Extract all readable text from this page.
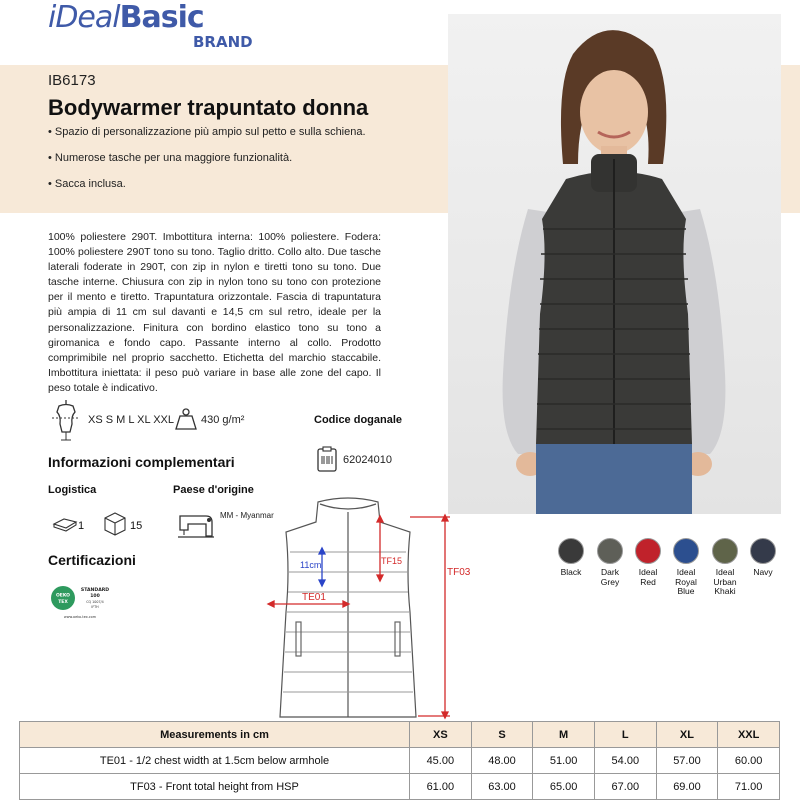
iDealBasic
BRAND
IB6173
Bodywarmer trapuntato donna
• Spazio di personalizzazione più ampio sul petto e sulla schiena.
• Numerose tasche per una maggiore funzionalità.
• Sacca inclusa.
100% poliestere 290T. Imbottitura interna: 100% poliestere. Fodera: 100% poliestere 290T tono su tono. Taglio dritto. Collo alto. Due tasche laterali foderate in 290T, con zip in nylon e tiretti tono su tono. Due tasche interne. Chiusura con zip in nylon tono su tono con protezione per il mento e tiretto. Trapuntatura orizzontale. Fascia di trapuntatura più ampia di 11 cm sul davanti e 14,5 cm sul retro, ideale per la personalizzazione. Finitura con bordino elastico tono su tono a giromanica e fondo capo. Passante interno al collo. Prodotto comprimibile nel proprio sacchetto. Etichetta del marchio staccabile. Imbottitura iniettata: il peso può variare in base alle zone del capo. Il peso totale è indicativo.
XS S M L XL XXL 430 g/m²	Codice doganale
62024010
Informazioni complementari
Logistica	Paese d'origine
1	15
MM - Myanmar
Certificazioni
OEKO
TEX
STANDARD
100
CQ 1007/4
IFTH
www.oeko-tex.com
11cm	TF15
TF03
TE01
Black	Dark
Grey
Ideal
Red
Ideal
Royal
Blue
Ideal
Urban
Khaki
Navy
Measurements in cm	XS	S	M	L	XL	XXL
TE01 - 1/2 chest width at 1.5cm below armhole	45.00	48.00	51.00	54.00	57.00	60.00
TF03 - Front total height from HSP	61.00	63.00	65.00	67.00	69.00	71.00
